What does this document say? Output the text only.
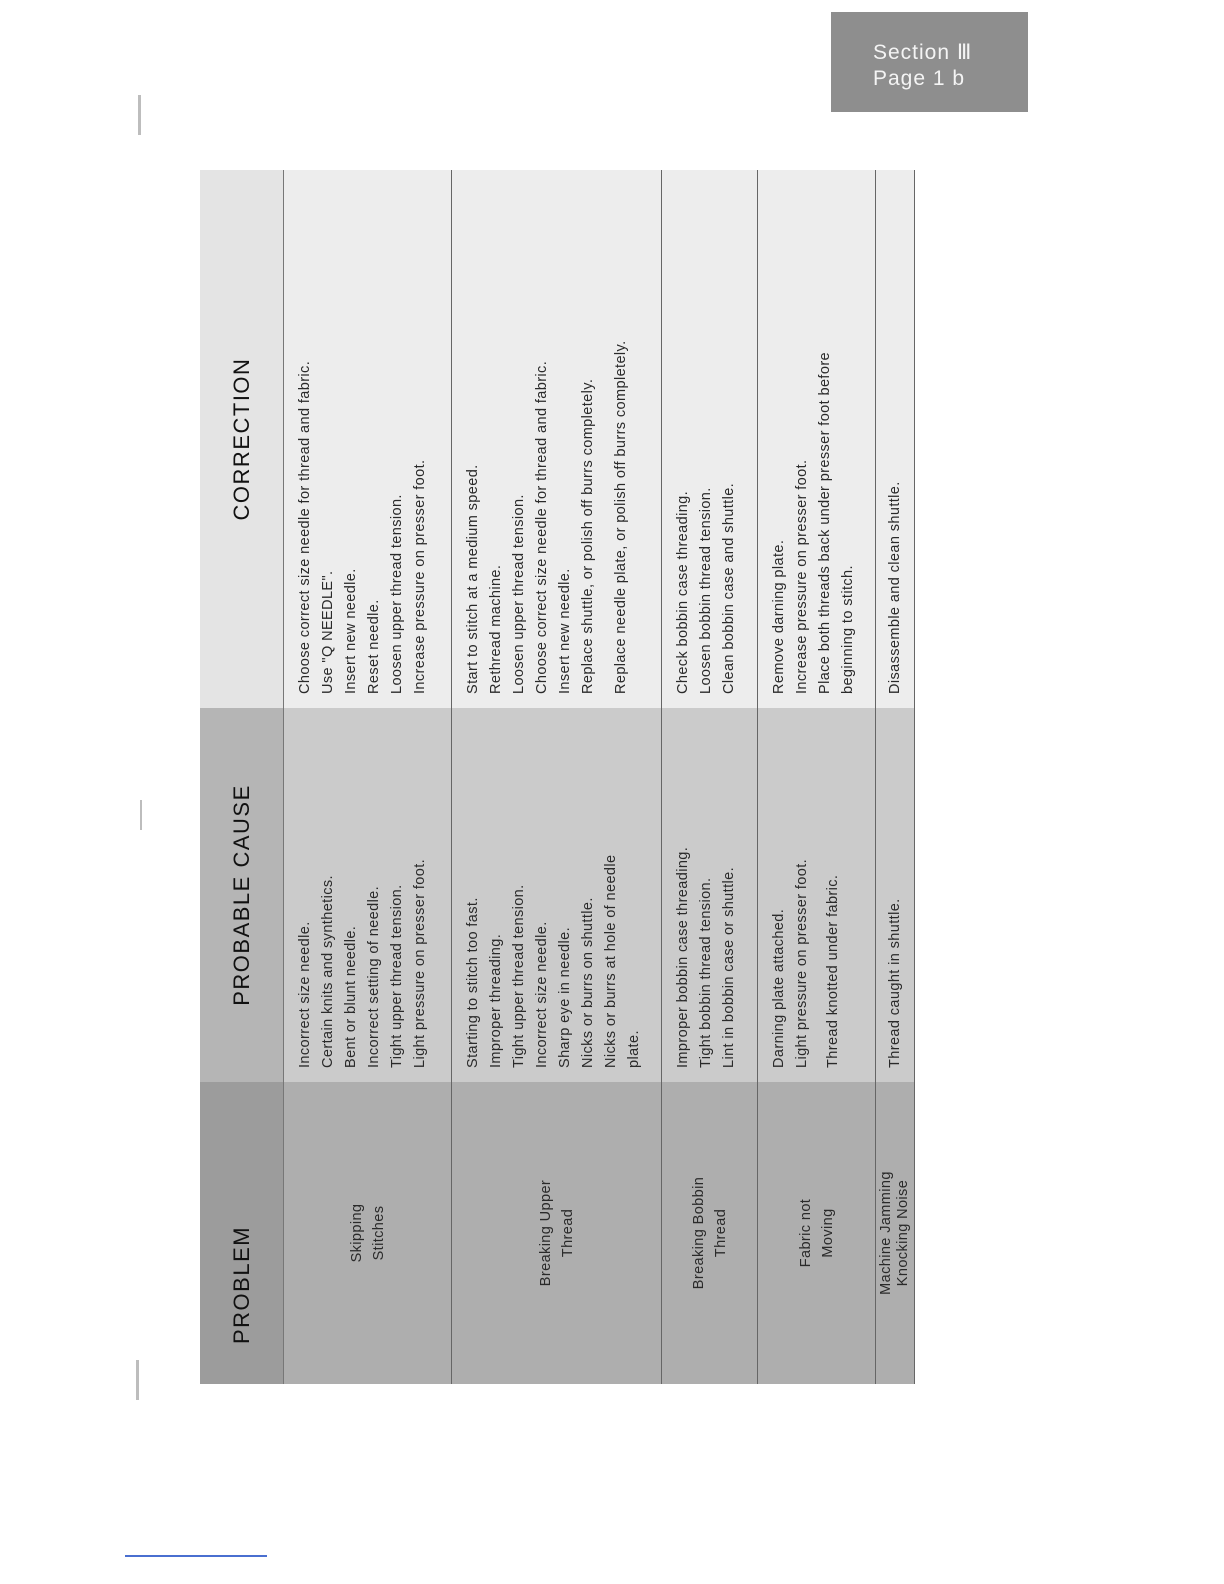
Section Ⅲ
Page 1 b
PROBLEM
PROBABLE CAUSE
CORRECTION
Skipping Stitches
Incorrect size needle. Certain knits and synthetics. Bent or blunt needle. Incorrect setting of needle. Tight upper thread tension. Light pressure on presser foot.
Choose correct size needle for thread and fabric. Use "Q NEEDLE". Insert new needle. Reset needle. Loosen upper thread tension. Increase pressure on presser foot.
Breaking Upper Thread
Starting to stitch too fast. Improper threading. Tight upper thread tension. Incorrect size needle. Sharp eye in needle. Nicks or burrs on shuttle. Nicks or burrs at hole of needle plate.
Start to stitch at a medium speed. Rethread machine. Loosen upper thread tension. Choose correct size needle for thread and fabric. Insert new needle. Replace shuttle, or polish off burrs completely. Replace needle plate, or polish off burrs completely.
Breaking Bobbin Thread
Improper bobbin case threading. Tight bobbin thread tension. Lint in bobbin case or shuttle.
Check bobbin case threading. Loosen bobbin thread tension. Clean bobbin case and shuttle.
Fabric not Moving
Darning plate attached. Light pressure on presser foot. Thread knotted under fabric.
Remove darning plate. Increase pressure on presser foot. Place both threads back under presser foot before beginning to stitch.
Machine Jamming Knocking Noise
Thread caught in shuttle.
Disassemble and clean shuttle.
